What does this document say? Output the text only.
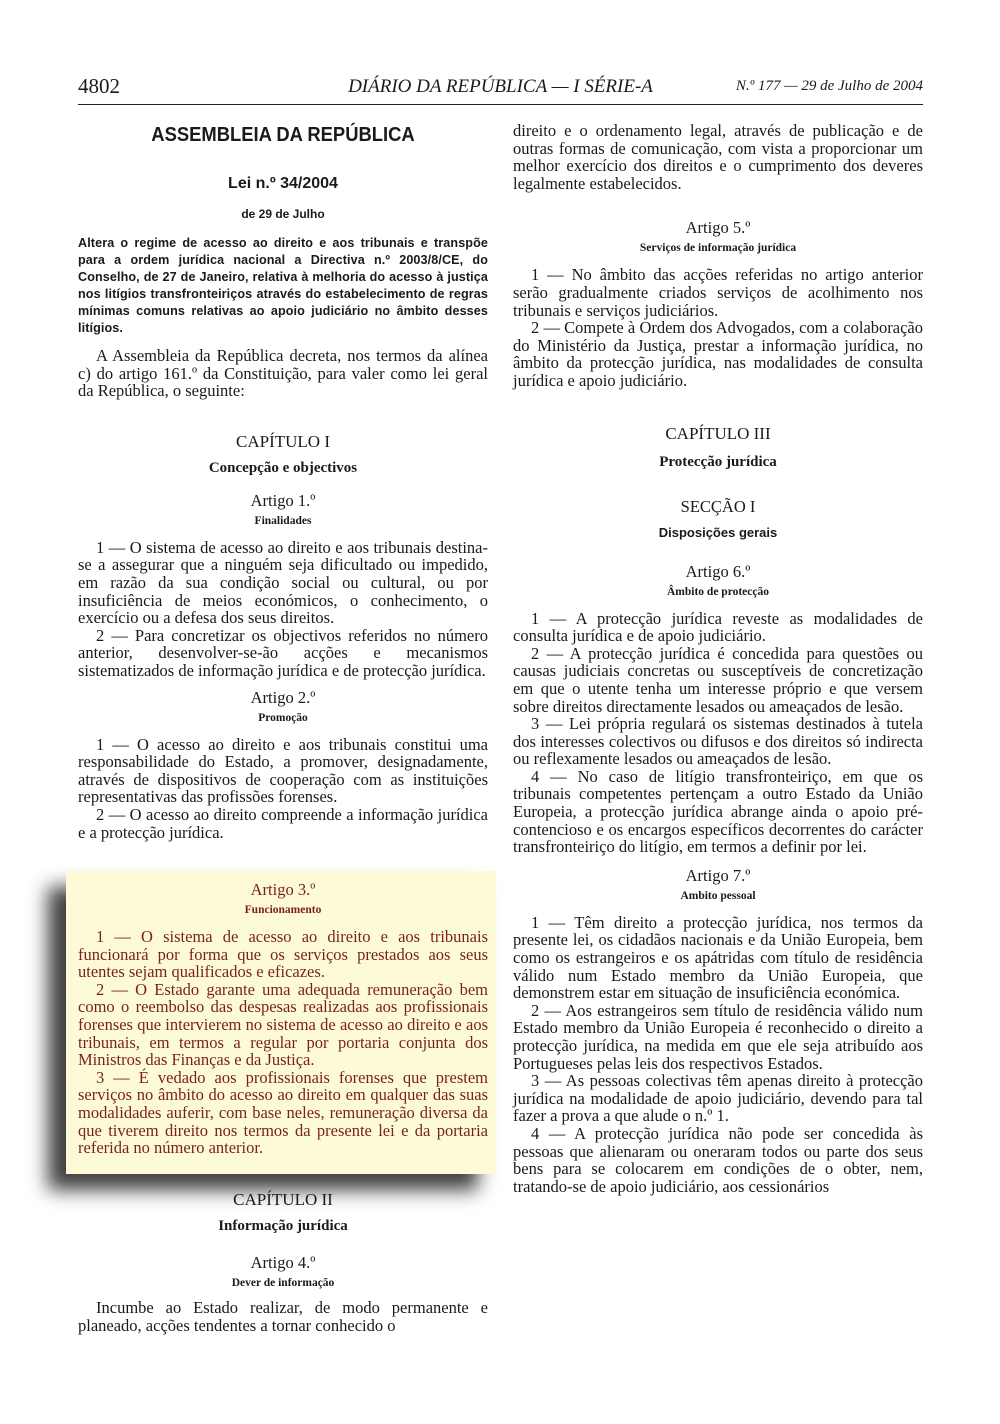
4802	DIÁRIO DA REPÚBLICA — I SÉRIE-A	N.º 177 — 29 de Julho de 2004
ASSEMBLEIA DA REPÚBLICA
Lei n.º 34/2004
de 29 de Julho
Altera o regime de acesso ao direito e aos tribunais e transpõe para a ordem jurídica nacional a Directiva n.º 2003/8/CE, do Conselho, de 27 de Janeiro, relativa à melhoria do acesso à justiça nos litígios transfronteiriços através do estabelecimento de regras mínimas comuns relativas ao apoio judiciário no âmbito desses litígios.

A Assembleia da República decreta, nos termos da alínea c) do artigo 161.º da Constituição, para valer como lei geral da República, o seguinte:

CAPÍTULO I
Concepção e objectivos
Artigo 1.º
Finalidades

1 — O sistema de acesso ao direito e aos tribunais destina-se a assegurar que a ninguém seja dificultado ou impedido, em razão da sua condição social ou cultural, ou por insuficiência de meios económicos, o conhecimento, o exercício ou a defesa dos seus direitos.

2 — Para concretizar os objectivos referidos no número anterior, desenvolver-se-ão acções e mecanismos sistematizados de informação jurídica e de protecção jurídica.

Artigo 2.º
Promoção

1 — O acesso ao direito e aos tribunais constitui uma responsabilidade do Estado, a promover, designadamente, através de dispositivos de cooperação com as instituições representativas das profissões forenses.

2 — O acesso ao direito compreende a informação jurídica e a protecção jurídica.

Artigo 3.º
Funcionamento

1 — O sistema de acesso ao direito e aos tribunais funcionará por forma que os serviços prestados aos seus utentes sejam qualificados e eficazes.

2 — O Estado garante uma adequada remuneração bem como o reembolso das despesas realizadas aos profissionais forenses que intervierem no sistema de acesso ao direito e aos tribunais, em termos a regular por portaria conjunta dos Ministros das Finanças e da Justiça.

3 — É vedado aos profissionais forenses que prestem serviços no âmbito do acesso ao direito em qualquer das suas modalidades auferir, com base neles, remuneração diversa da que tiverem direito nos termos da presente lei e da portaria referida no número anterior.

CAPÍTULO II
Informação jurídica
Artigo 4.º
Dever de informação

Incumbe ao Estado realizar, de modo permanente e planeado, acções tendentes a tornar conhecido o

direito e o ordenamento legal, através de publicação e de outras formas de comunicação, com vista a proporcionar um melhor exercício dos direitos e o cumprimento dos deveres legalmente estabelecidos.

Artigo 5.º
Serviços de informação jurídica

1 — No âmbito das acções referidas no artigo anterior serão gradualmente criados serviços de acolhimento nos tribunais e serviços judiciários.

2 — Compete à Ordem dos Advogados, com a colaboração do Ministério da Justiça, prestar a informação jurídica, no âmbito da protecção jurídica, nas modalidades de consulta jurídica e apoio judiciário.

CAPÍTULO III
Protecção jurídica
SECÇÃO I
Disposições gerais
Artigo 6.º
Âmbito de protecção

1 — A protecção jurídica reveste as modalidades de consulta jurídica e de apoio judiciário.

2 — A protecção jurídica é concedida para questões ou causas judiciais concretas ou susceptíveis de concretização em que o utente tenha um interesse próprio e que versem sobre direitos directamente lesados ou ameaçados de lesão.

3 — Lei própria regulará os sistemas destinados à tutela dos interesses colectivos ou difusos e dos direitos só indirecta ou reflexamente lesados ou ameaçados de lesão.

4 — No caso de litígio transfronteiriço, em que os tribunais competentes pertençam a outro Estado da União Europeia, a protecção jurídica abrange ainda o apoio pré-contencioso e os encargos específicos decorrentes do carácter transfronteiriço do litígio, em termos a definir por lei.

Artigo 7.º
Ambito pessoal

1 — Têm direito a protecção jurídica, nos termos da presente lei, os cidadãos nacionais e da União Europeia, bem como os estrangeiros e os apátridas com título de residência válido num Estado membro da União Europeia, que demonstrem estar em situação de insuficiência económica.

2 — Aos estrangeiros sem título de residência válido num Estado membro da União Europeia é reconhecido o direito a protecção jurídica, na medida em que ele seja atribuído aos Portugueses pelas leis dos respectivos Estados.

3 — As pessoas colectivas têm apenas direito à protecção jurídica na modalidade de apoio judiciário, devendo para tal fazer a prova a que alude o n.º 1.

4 — A protecção jurídica não pode ser concedida às pessoas que alienaram ou oneraram todos ou parte dos seus bens para se colocarem em condições de o obter, nem, tratando-se de apoio judiciário, aos cessionários
